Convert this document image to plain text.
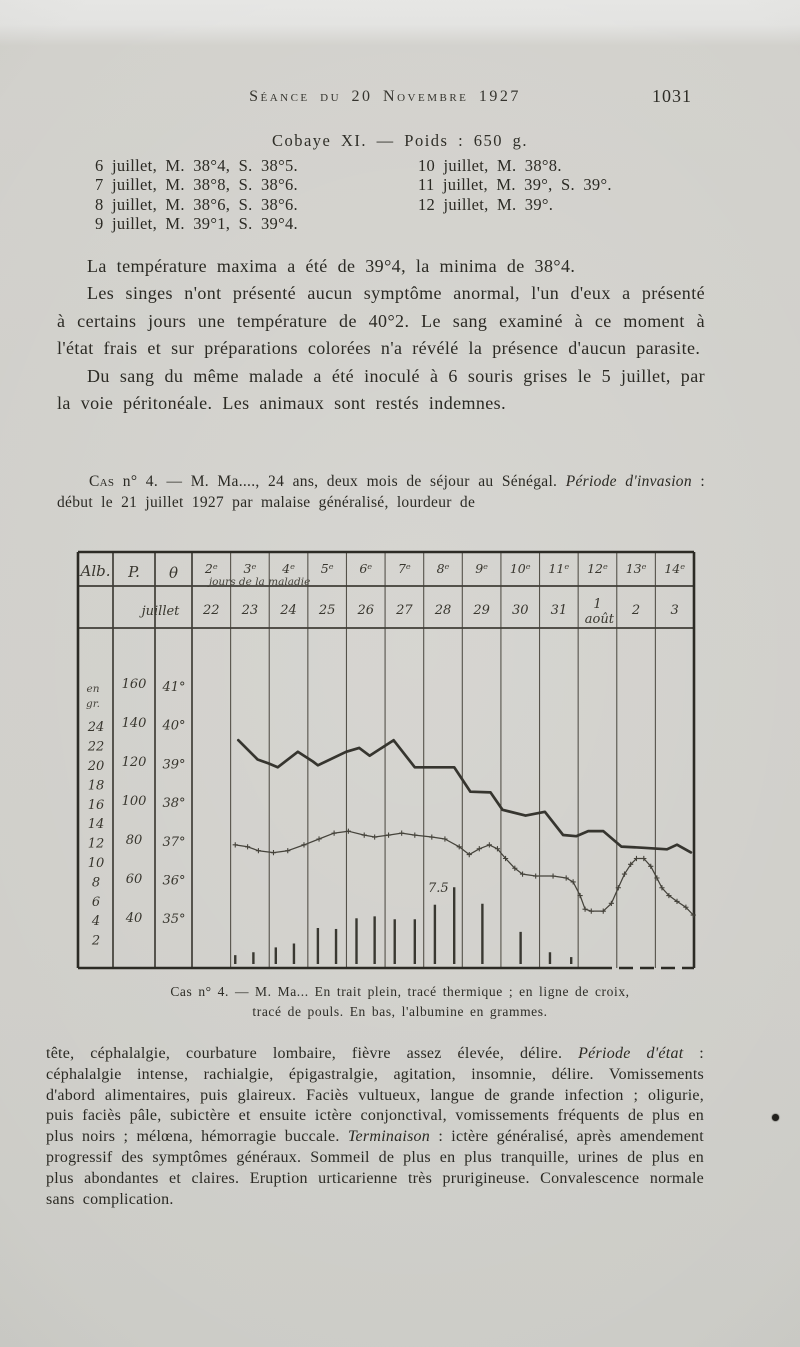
Séance du 20 Novembre 1927	1031
Cobaye XI. — Poids : 650 g.
6 juillet, M. 38°4, S. 38°5.
7 juillet, M. 38°8, S. 38°6.
8 juillet, M. 38°6, S. 38°6.
9 juillet, M. 39°1, S. 39°4.
10 juillet, M. 38°8.
11 juillet, M. 39°, S. 39°.
12 juillet, M. 39°.

La température maxima a été de 39°4, la minima de 38°4.

Les singes n'ont présenté aucun symptôme anormal, l'un d'eux a présenté à certains jours une température de 40°2. Le sang examiné à ce moment à l'état frais et sur préparations colorées n'a révélé la présence d'aucun parasite.

Du sang du même malade a été inoculé à 6 souris grises le 5 juillet, par la voie péritonéale. Les animaux sont restés indemnes.

Cas n° 4. — M. Ma...., 24 ans, deux mois de séjour au Sénégal. Période d'invasion : début le 21 juillet 1927 par malaise généralisé, lourdeur de

Alb. P. θ 2ᵉ 3ᵉ 4ᵉ 5ᵉ 6ᵉ 7ᵉ 8ᵉ 9ᵉ 10ᵉ 11ᵉ 12ᵉ 13ᵉ 14ᵉ
jours de la maladie
juillet 22 23 24 25 26 27 28 29 30 31	1 août
2 3
en
gr.
24
22
20
18
16
14
12
10
8
6
4
2
160
140
120
100
80
60
40
41°
40°
39°
38°
37°
36°
35°
7.5
Cas n° 4. — M. Ma... En trait plein, tracé thermique ; en ligne de croix,
tracé de pouls. En bas, l'albumine en grammes.

tête, céphalalgie, courbature lombaire, fièvre assez élevée, délire. Période d'état : céphalalgie intense, rachialgie, épigastralgie, agitation, insomnie, délire. Vomissements d'abord alimentaires, puis glaireux. Faciès vultueux, langue de grande infection ; oligurie, puis faciès pâle, subictère et ensuite ictère conjonctival, vomissements fréquents de plus en plus noirs ; mélœna, hémorragie buccale. Terminaison : ictère généralisé, après amendement progressif des symptômes généraux. Sommeil de plus en plus tranquille, urines de plus en plus abondantes et claires. Eruption urticarienne très prurigineuse. Convalescence normale sans complication.
